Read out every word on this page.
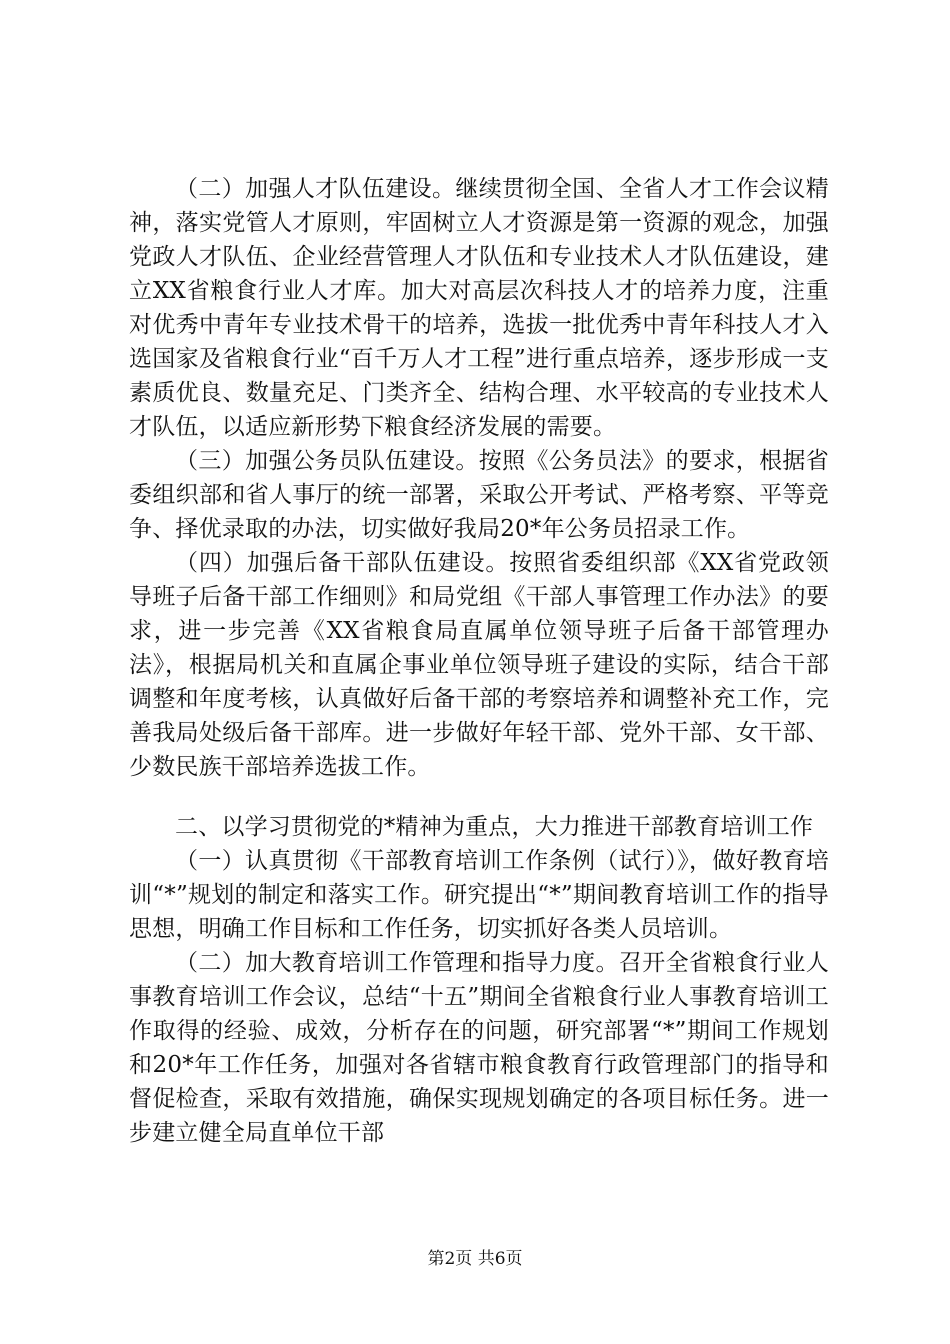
（二）加强人才队伍建设。继续贯彻全国、全省人才工作会议精神，落实党管人才原则，牢固树立人才资源是第一资源的观念，加强党政人才队伍、企业经营管理人才队伍和专业技术人才队伍建设，建立XX省粮食行业人才库。加大对高层次科技人才的培养力度，注重对优秀中青年专业技术骨干的培养，选拔一批优秀中青年科技人才入选国家及省粮食行业“百千万人才工程”进行重点培养，逐步形成一支素质优良、数量充足、门类齐全、结构合理、水平较高的专业技术人才队伍，以适应新形势下粮食经济发展的需要。

（三）加强公务员队伍建设。按照《公务员法》的要求，根据省委组织部和省人事厅的统一部署，采取公开考试、严格考察、平等竞争、择优录取的办法，切实做好我局20*年公务员招录工作。

（四）加强后备干部队伍建设。按照省委组织部《XX省党政领导班子后备干部工作细则》和局党组《干部人事管理工作办法》的要求，进一步完善《XX省粮食局直属单位领导班子后备干部管理办法》，根据局机关和直属企事业单位领导班子建设的实际，结合干部调整和年度考核，认真做好后备干部的考察培养和调整补充工作，完善我局处级后备干部库。进一步做好年轻干部、党外干部、女干部、少数民族干部培养选拔工作。

二、以学习贯彻党的*精神为重点，大力推进干部教育培训工作

（一）认真贯彻《干部教育培训工作条例（试行）》，做好教育培训“*”规划的制定和落实工作。研究提出“*”期间教育培训工作的指导思想，明确工作目标和工作任务，切实抓好各类人员培训。

（二）加大教育培训工作管理和指导力度。召开全省粮食行业人事教育培训工作会议，总结“十五”期间全省粮食行业人事教育培训工作取得的经验、成效，分析存在的问题，研究部署“*”期间工作规划和20*年工作任务，加强对各省辖市粮食教育行政管理部门的指导和督促检查，采取有效措施，确保实现规划确定的各项目标任务。进一步建立健全局直单位干部

第2页 共6页
